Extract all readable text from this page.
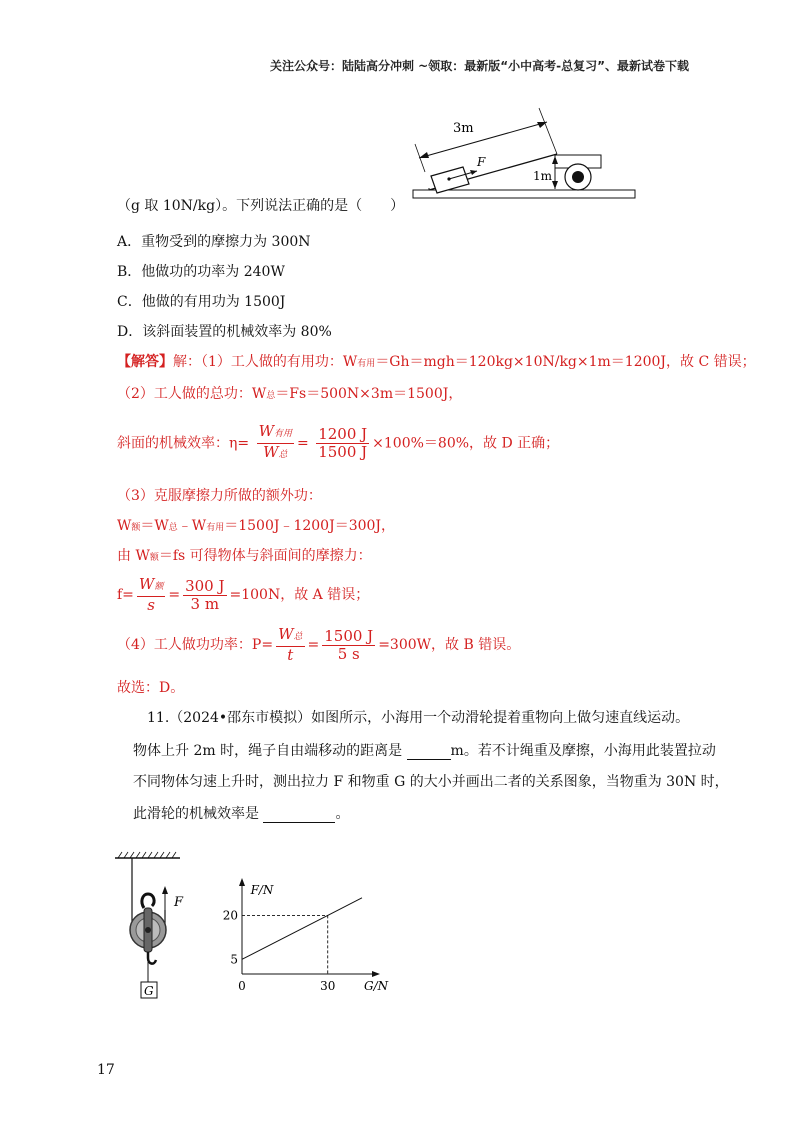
关注公众号：陆陆高分冲刺 ~领取：最新版“小中高考-总复习”、最新试卷下载
F
3m
1m
（g 取 10N/kg）。下列说法正确的是（　　）
A．重物受到的摩擦力为 300N
B．他做功的功率为 240W
C．他做的有用功为 1500J
D．该斜面装置的机械效率为 80%
【解答】解：（1）工人做的有用功：W有用＝Gh＝mgh＝120kg×10N/kg×1m＝1200J，故 C 错误；
（2）工人做的总功：W总＝Fs＝500N×3m＝1500J，
斜面的机械效率：$\eta= \frac{\text{W有用}}{\text{W总}} = \frac{1200 J}{1500 J} \times 100\%=80\%$，故 D 正确；
（3）克服摩擦力所做的额外功：
W额＝W总﹣W有用＝1500J﹣1200J＝300J，
由 W额＝fs 可得物体与斜面间的摩擦力：
$f= \frac{\text{W额}}{s} = \frac{300 J}{3 m} =100N$，故 A 错误；
（4）工人做功功率：$P= \frac{\text{W总}}{t} = \frac{1500 J}{5 s} =300W$，故 B 错误。
故选：D。
11.（2024•邵东市模拟）如图所示，小海用一个动滑轮提着重物向上做匀速直线运动。
物体上升 2m 时，绳子自由端移动的距离是	m。若不计绳重及摩擦，小海用此装置拉动
不同物体匀速上升时，测出拉力 F 和物重 G 的大小并画出二者的关系图象，当物重为 30N 时，
此滑轮的机械效率是	。
F
G	0	30
5
20
F/N
G/N
17
